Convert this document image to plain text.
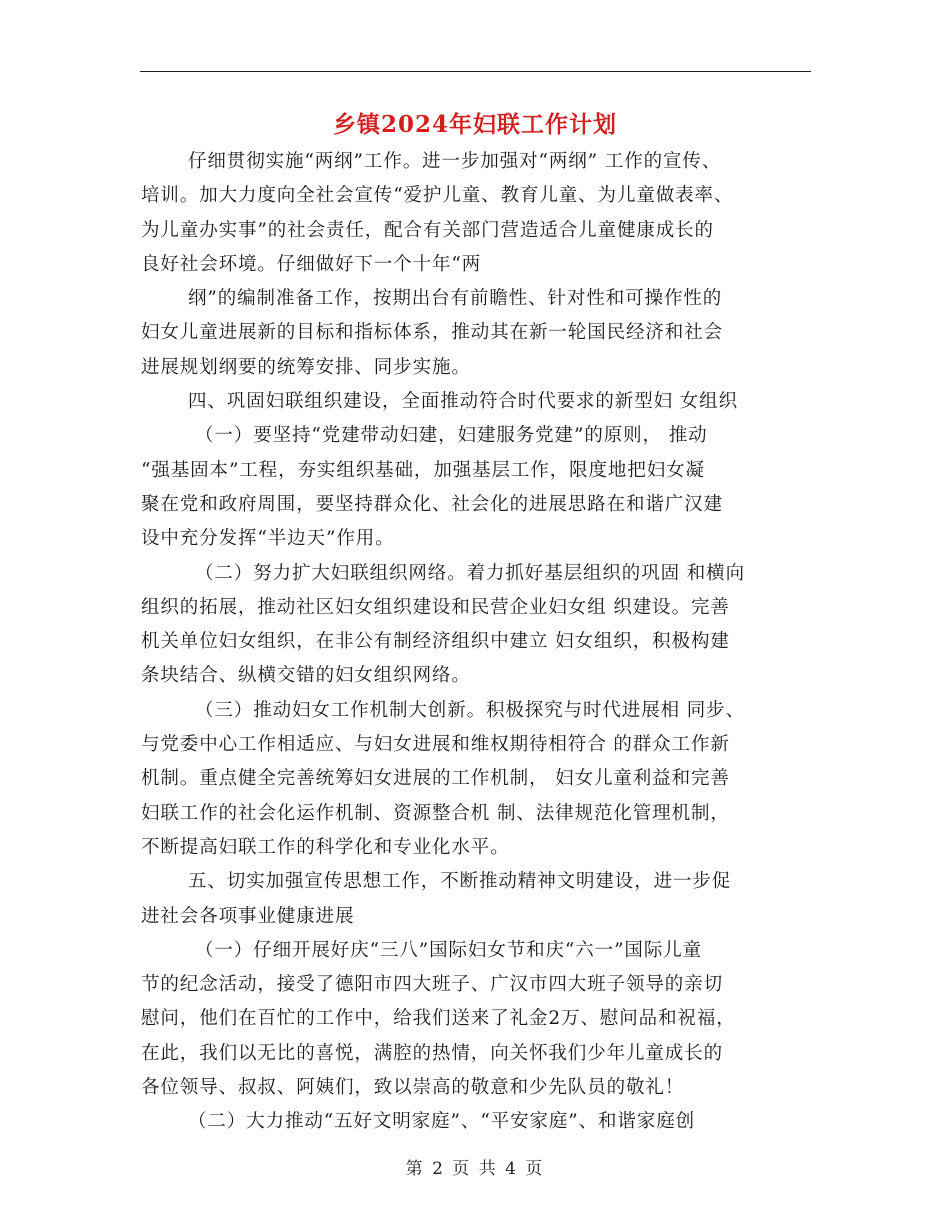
乡镇2024年妇联工作计划
仔细贯彻实施“两纲”工作。进一步加强对“两纲” 工作的宣传、
培训。加大力度向全社会宣传“爱护儿童、教育儿童、为儿童做表率、
为儿童办实事”的社会责任，配合有关部门营造适合儿童健康成长的
良好社会环境。仔细做好下一个十年“两
纲”的编制准备工作，按期出台有前瞻性、针对性和可操作性的
妇女儿童进展新的目标和指标体系，推动其在新一轮国民经济和社会
进展规划纲要的统筹安排、同步实施。
四、巩固妇联组织建设，全面推动符合时代要求的新型妇 女组织
（一）要坚持“党建带动妇建，妇建服务党建”的原则， 推动
“强基固本”工程，夯实组织基础，加强基层工作，限度地把妇女凝
聚在党和政府周围，要坚持群众化、社会化的进展思路在和谐广汉建
设中充分发挥“半边天”作用。
（二）努力扩大妇联组织网络。着力抓好基层组织的巩固 和横向
组织的拓展，推动社区妇女组织建设和民营企业妇女组 织建设。完善
机关单位妇女组织，在非公有制经济组织中建立 妇女组织，积极构建
条块结合、纵横交错的妇女组织网络。
（三）推动妇女工作机制大创新。积极探究与时代进展相 同步、
与党委中心工作相适应、与妇女进展和维权期待相符合 的群众工作新
机制。重点健全完善统筹妇女进展的工作机制， 妇女儿童利益和完善
妇联工作的社会化运作机制、资源整合机 制、法律规范化管理机制，
不断提高妇联工作的科学化和专业化水平。
五、切实加强宣传思想工作，不断推动精神文明建设，进一步促
进社会各项事业健康进展
（一）仔细开展好庆“三八”国际妇女节和庆“六一”国际儿童
节的纪念活动，接受了德阳市四大班子、广汉市四大班子领导的亲切
慰问，他们在百忙的工作中，给我们送来了礼金2万、慰问品和祝福，
在此，我们以无比的喜悦，满腔的热情，向关怀我们少年儿童成长的
各位领导、叔叔、阿姨们，致以崇高的敬意和少先队员的敬礼！
（二）大力推动“五好文明家庭”、“平安家庭”、和谐家庭创
第 2 页 共 4 页
